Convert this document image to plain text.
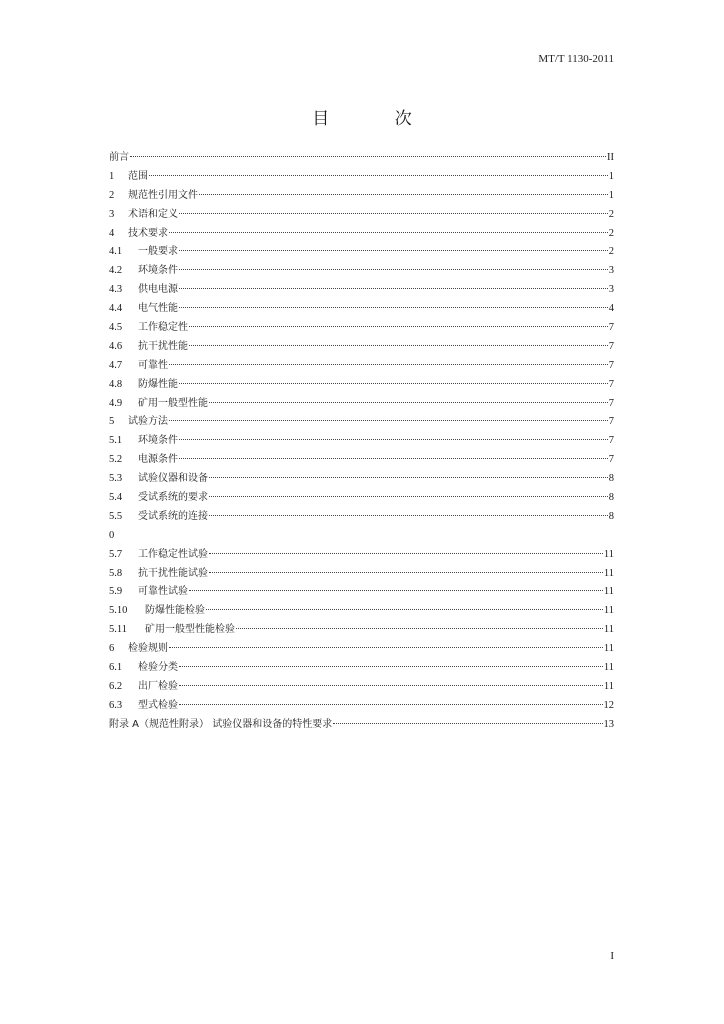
MT/T 1130-2011
目 次
前言	II
1	范围	1
2	规范性引用文件	1
3	术语和定义	2
4	技术要求	2
4.1	一般要求	2
4.2	环境条件	3
4.3	供电电源	3
4.4	电气性能	4
4.5	工作稳定性	7
4.6	抗干扰性能	7
4.7	可靠性	7
4.8	防爆性能	7
4.9	矿用一般型性能	7
5	试验方法	7
5.1	环境条件	7
5.2	电源条件	7
5.3	试验仪器和设备	8
5.4	受试系统的要求	8
5.5	受试系统的连接	8
0
5.7	工作稳定性试验	11
5.8	抗干扰性能试验	11
5.9	可靠性试验	11
5.10	防爆性能检验	11
5.11	矿用一般型性能检验	11
6	检验规则	11
6.1	检验分类	11
6.2	出厂检验	11
6.3	型式检验	12
附录 A（规范性附录） 试验仪器和设备的特性要求	13
I
